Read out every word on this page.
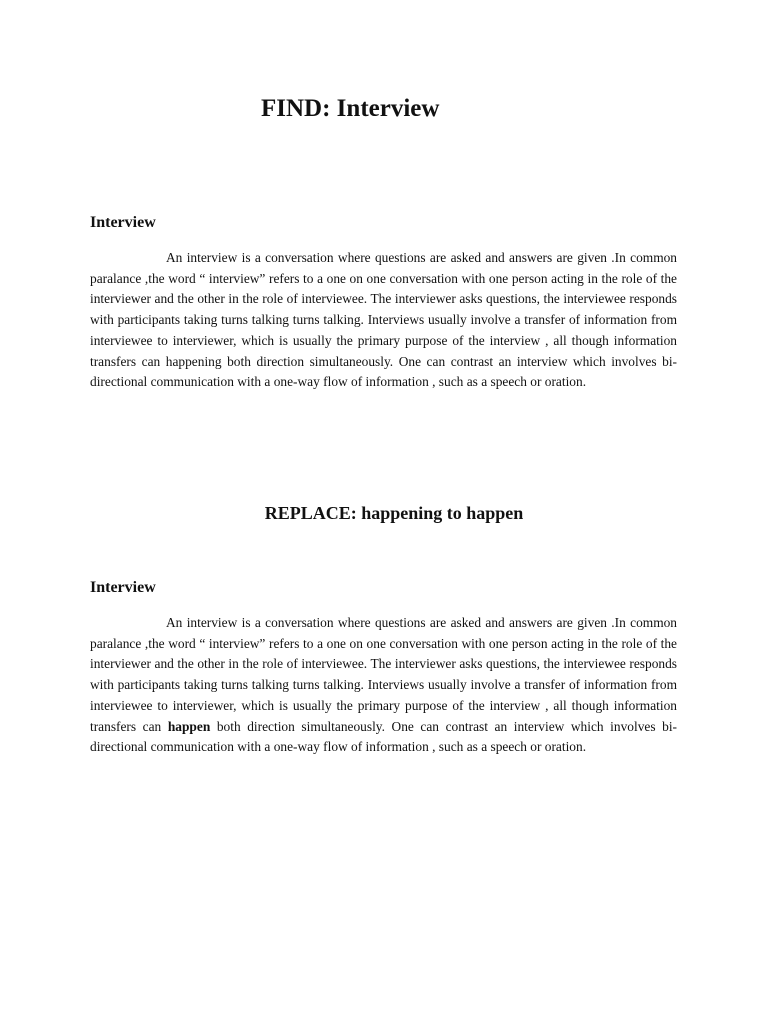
FIND: Interview
Interview

An interview is a conversation where questions are asked and answers are given .In common paralance ,the word “ interview” refers to a one on one conversation with one person acting in the role of the interviewer and the other in the role of interviewee. The interviewer asks questions, the interviewee responds with participants taking turns talking turns talking. Interviews usually involve a transfer of information from interviewee to interviewer, which is usually the primary purpose of the interview , all though information transfers can happening both direction simultaneously. One can contrast an interview which involves bi-directional communication with a one-way flow of information , such as a speech or oration.

REPLACE: happening to happen
Interview

An interview is a conversation where questions are asked and answers are given .In common paralance ,the word “ interview” refers to a one on one conversation with one person acting in the role of the interviewer and the other in the role of interviewee. The interviewer asks questions, the interviewee responds with participants taking turns talking turns talking. Interviews usually involve a transfer of information from interviewee to interviewer, which is usually the primary purpose of the interview , all though information transfers can happen both direction simultaneously. One can contrast an interview which involves bi-directional communication with a one-way flow of information , such as a speech or oration.
